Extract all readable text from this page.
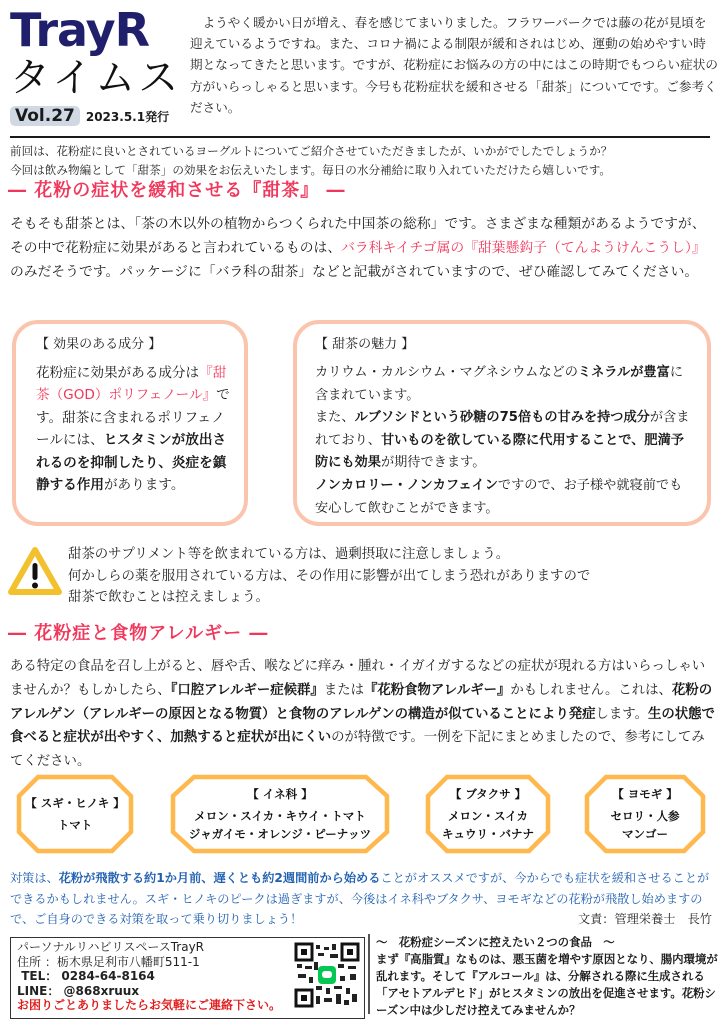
TrayR
タイムス
Vol.27 2023.5.1発行

ようやく暖かい日が増え、春を感じてまいりました。フラワーパークでは藤の花が見頃を迎えているようですね。また、コロナ禍による制限が緩和されはじめ、運動の始めやすい時期となってきたと思います。ですが、花粉症にお悩みの方の中にはこの時期でもつらい症状の方がいらっしゃると思います。今号も花粉症状を緩和させる「甜茶」についてです。ご参考ください。

前回は、花粉症に良いとされているヨーグルトについてご紹介させていただきましたが、いかがでしたでしょうか？
今回は飲み物編として「甜茶」の効果をお伝えいたします。毎日の水分補給に取り入れていただけたら嬉しいです。
― 花粉の症状を緩和させる『甜茶』 ―

そもそも甜茶とは、「茶の木以外の植物からつくられた中国茶の総称」です。さまざまな種類があるようですが、その中で花粉症に効果があると言われているものは、バラ科キイチゴ属の『甜葉懸鈎子（てんようけんこうし）』のみだそうです。パッケージに「バラ科の甜茶」などと記載がされていますので、ぜひ確認してみてください。

【 効果のある成分 】
花粉症に効果がある成分は『甜茶（GOD）ポリフェノール』です。甜茶に含まれるポリフェノールには、ヒスタミンが放出されるのを抑制したり、炎症を鎮静する作用があります。
【 甜茶の魅力 】
カリウム・カルシウム・マグネシウムなどのミネラルが豊富に含まれています。
また、ルブソシドという砂糖の75倍もの甘みを持つ成分が含まれており、甘いものを欲している際に代用することで、肥満予防にも効果が期待できます。
ノンカロリー・ノンカフェインですので、お子様や就寝前でも安心して飲むことができます。
甜茶のサプリメント等を飲まれている方は、過剰摂取に注意しましょう。
何かしらの薬を服用されている方は、その作用に影響が出てしまう恐れがありますので
甜茶で飲むことは控えましょう。
― 花粉症と食物アレルギー ―

ある特定の食品を召し上がると、唇や舌、喉などに痒み・腫れ・イガイガするなどの症状が現れる方はいらっしゃいませんか？もしかしたら、『口腔アレルギー症候群』または『花粉食物アレルギー』かもしれません。これは、花粉のアレルゲン（アレルギーの原因となる物質）と食物のアレルゲンの構造が似ていることにより発症します。生の状態で食べると症状が出やすく、加熱すると症状が出にくいのが特徴です。一例を下記にまとめましたので、参考にしてみてください。

【 スギ・ヒノキ 】
トマト
【 イネ科 】
メロン・スイカ・キウイ・トマト
ジャガイモ・オレンジ・ピーナッツ
【 ブタクサ 】
メロン・スイカ
キュウリ・バナナ
【 ヨモギ 】
セロリ・人参
マンゴー

対策は、花粉が飛散する約1か月前、遅くとも約2週間前から始めることがオススメですが、今からでも症状を緩和させることができるかもしれません。スギ・ヒノキのピークは過ぎますが、今後はイネ科やブタクサ、ヨモギなどの花粉が飛散し始めますので、ご自身のできる対策を取って乗り切りましょう！	文責：管理栄養士　長竹
パーソナルリハビリスペースTrayR
住所 ：栃木県足利市八幡町511-1
TEL： 0284-64-8164
LINE： @868xruux
お困りごとありましたらお気軽にご連絡下さい。
～　花粉症シーズンに控えたい２つの食品　～
まず『高脂質』なものは、悪玉菌を増やす原因となり、腸内環境が乱れます。そして『アルコール』は、分解される際に生成される「アセトアルデヒド」がヒスタミンの放出を促進させます。花粉シーズン中は少しだけ控えてみませんか？
